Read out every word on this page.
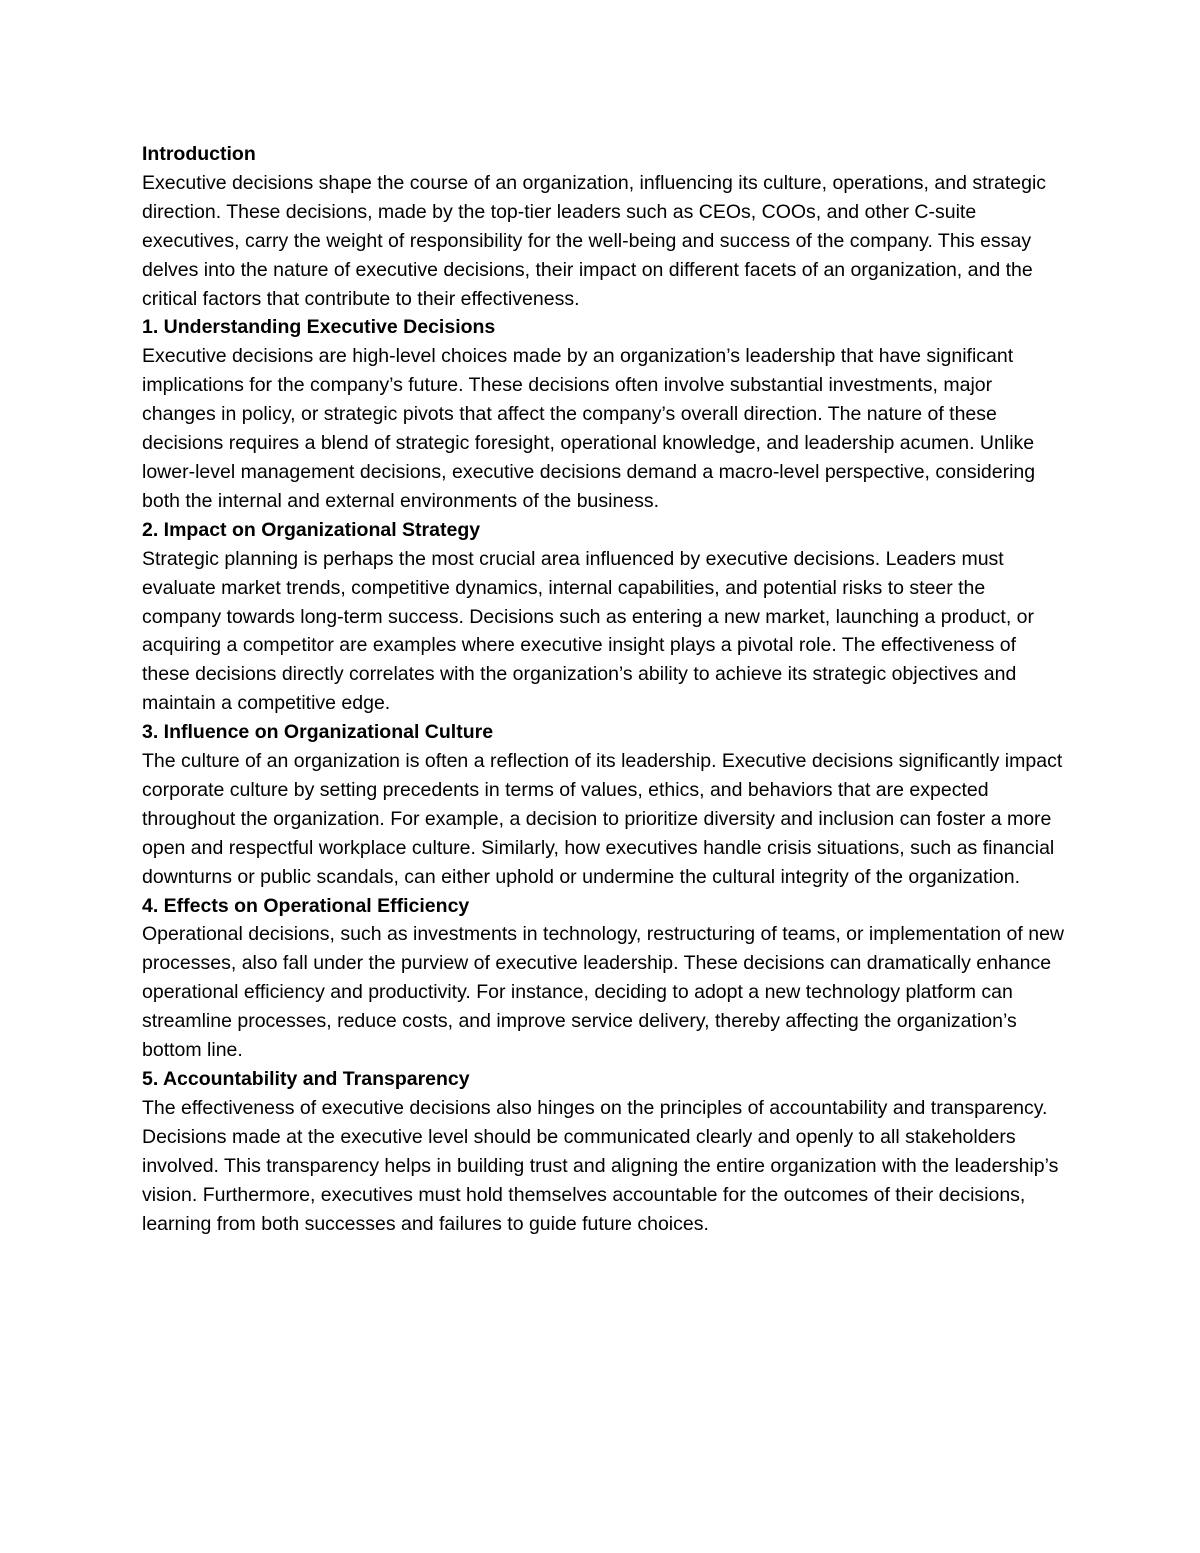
Introduction

Executive decisions shape the course of an organization, influencing its culture, operations, and strategic direction. These decisions, made by the top-tier leaders such as CEOs, COOs, and other C-suite executives, carry the weight of responsibility for the well-being and success of the company. This essay delves into the nature of executive decisions, their impact on different facets of an organization, and the critical factors that contribute to their effectiveness.

1. Understanding Executive Decisions

Executive decisions are high-level choices made by an organization’s leadership that have significant implications for the company’s future. These decisions often involve substantial investments, major changes in policy, or strategic pivots that affect the company’s overall direction. The nature of these decisions requires a blend of strategic foresight, operational knowledge, and leadership acumen. Unlike lower-level management decisions, executive decisions demand a macro-level perspective, considering both the internal and external environments of the business.

2. Impact on Organizational Strategy

Strategic planning is perhaps the most crucial area influenced by executive decisions. Leaders must evaluate market trends, competitive dynamics, internal capabilities, and potential risks to steer the company towards long-term success. Decisions such as entering a new market, launching a product, or acquiring a competitor are examples where executive insight plays a pivotal role. The effectiveness of these decisions directly correlates with the organization’s ability to achieve its strategic objectives and maintain a competitive edge.

3. Influence on Organizational Culture

The culture of an organization is often a reflection of its leadership. Executive decisions significantly impact corporate culture by setting precedents in terms of values, ethics, and behaviors that are expected throughout the organization. For example, a decision to prioritize diversity and inclusion can foster a more open and respectful workplace culture. Similarly, how executives handle crisis situations, such as financial downturns or public scandals, can either uphold or undermine the cultural integrity of the organization.

4. Effects on Operational Efficiency

Operational decisions, such as investments in technology, restructuring of teams, or implementation of new processes, also fall under the purview of executive leadership. These decisions can dramatically enhance operational efficiency and productivity. For instance, deciding to adopt a new technology platform can streamline processes, reduce costs, and improve service delivery, thereby affecting the organization’s bottom line.

5. Accountability and Transparency

The effectiveness of executive decisions also hinges on the principles of accountability and transparency. Decisions made at the executive level should be communicated clearly and openly to all stakeholders involved. This transparency helps in building trust and aligning the entire organization with the leadership’s vision. Furthermore, executives must hold themselves accountable for the outcomes of their decisions, learning from both successes and failures to guide future choices.
